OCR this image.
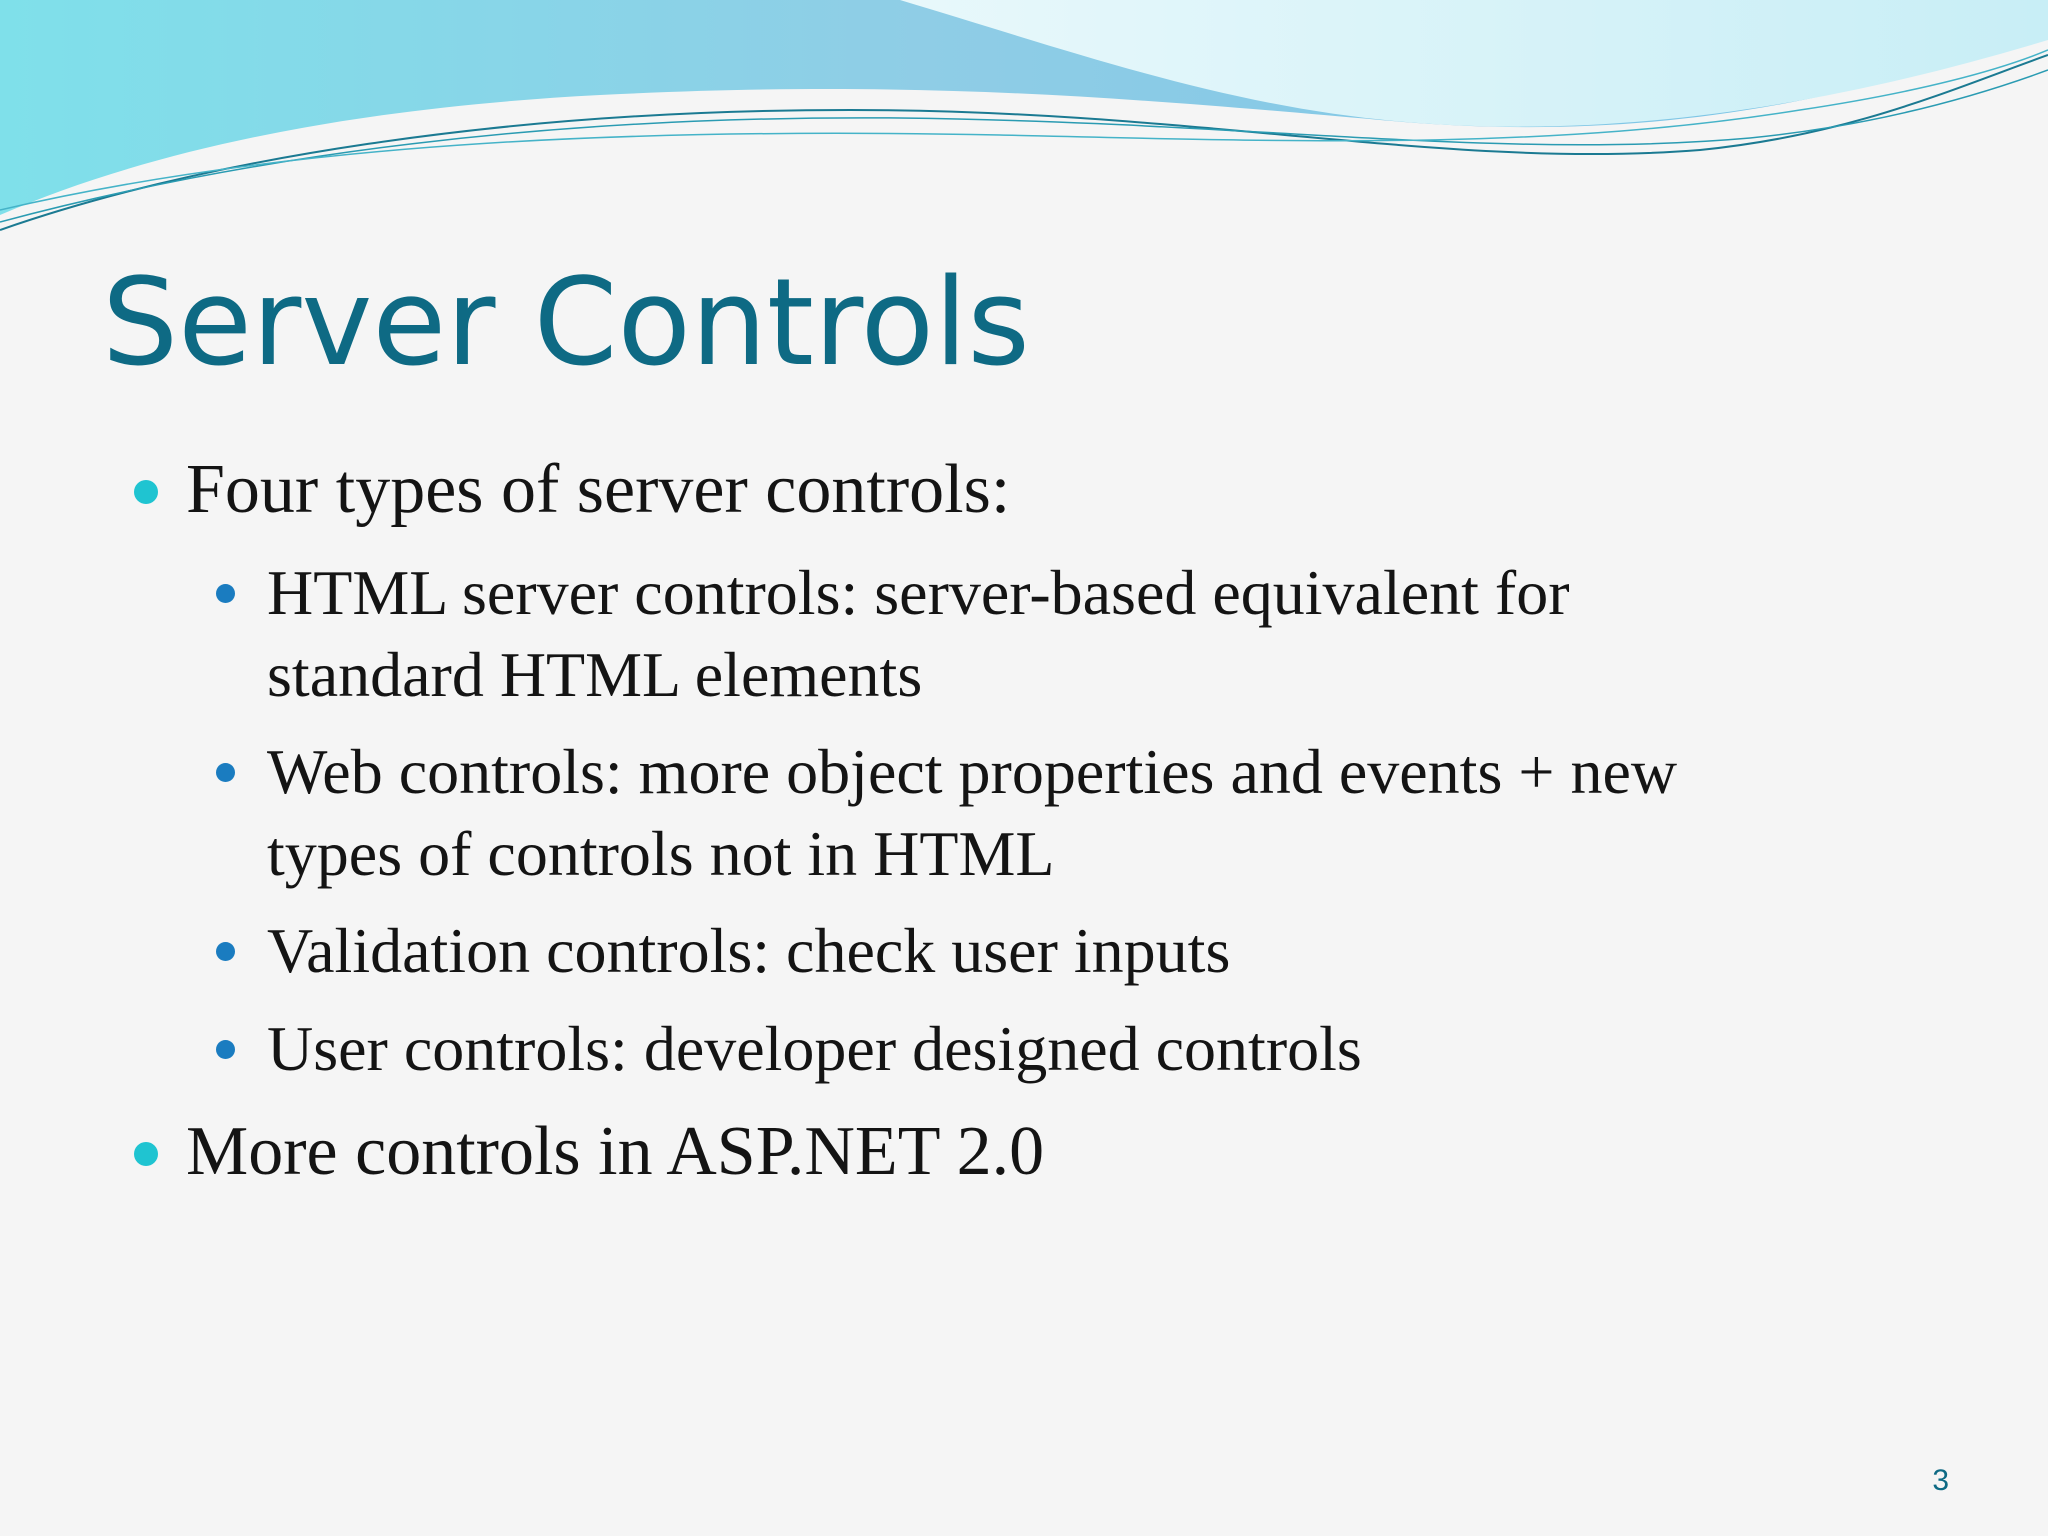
Server Controls
Four types of server controls:
HTML server controls: server-based equivalent for
standard HTML elements
Web controls: more object properties and events + new
types of controls not in HTML
Validation controls: check user inputs
User controls: developer designed controls
More controls in ASP.NET 2.0
3
